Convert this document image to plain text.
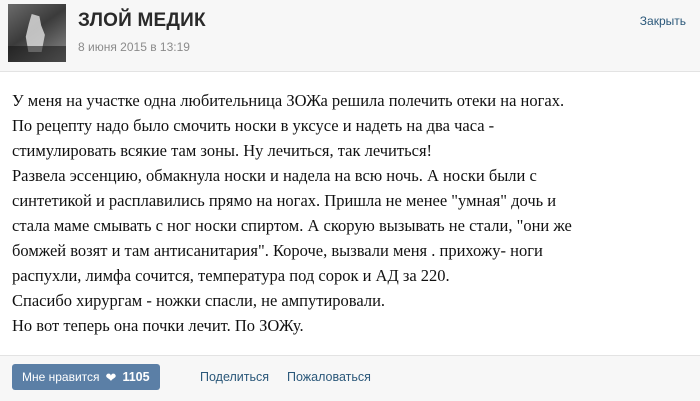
ЗЛОЙ МЕДИК
8 июня 2015 в 13:19
Закрыть

У меня на участке одна любительница ЗОЖа решила полечить отеки на ногах.

По рецепту надо было смочить носки в уксусе и надеть на два часа -

стимулировать всякие там зоны. Ну лечиться, так лечиться!

Развела эссенцию, обмакнула носки и надела на всю ночь. А носки были с

синтетикой и расплавились прямо на ногах. Пришла не менее "умная" дочь и

стала маме смывать с ног носки спиртом. А скорую вызывать не стали, "они же

бомжей возят и там антисанитария". Короче, вызвали меня . прихожу- ноги

распухли, лимфа сочится, температура под сорок и АД за 220.

Спасибо хирургам - ножки спасли, не ампутировали.

Но вот теперь она почки лечит. По ЗОЖу.

Мне нравится ❤ 1105	Поделиться Пожаловаться
